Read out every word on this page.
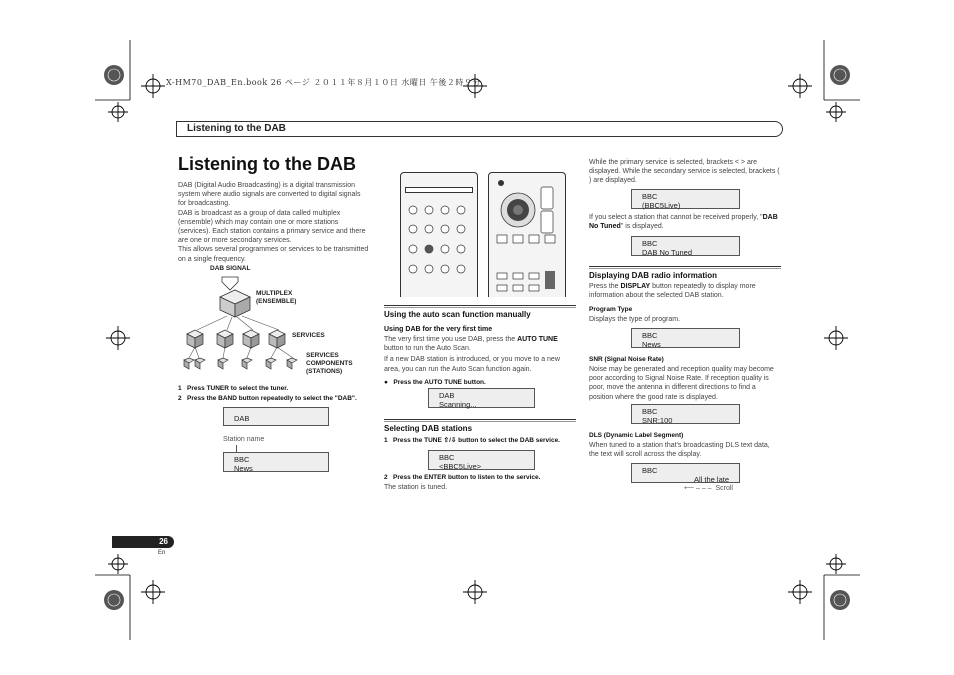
X-HM70_DAB_En.book 26 ページ ２０１１年８月１０日 水曜日 午後２時９分
Listening to the DAB
Listening to the DAB
DAB (Digital Audio Broadcasting) is a digital transmission system where audio signals are converted to digital signals for broadcasting.
DAB is broadcast as a group of data called multiplex (ensemble) which may contain one or more stations (services). Each station contains a primary service and there are one or more secondary services.
This allows several programmes or services to be transmitted on a single frequency.
DAB SIGNAL
MULTIPLEX
(ENSEMBLE)
SERVICES
SERVICES
COMPONENTS
(STATIONS)
1 Press TUNER to select the tuner.
2 Press the BAND button repeatedly to select the "DAB".
DAB
Station name
BBC
News
Using the auto scan function manually
Using DAB for the very first time
The very first time you use DAB, press the AUTO TUNE button to run the Auto Scan.
If a new DAB station is introduced, or you move to a new area, you can run the Auto Scan function again.
● Press the AUTO TUNE button.
DAB
Scanning...
Selecting DAB stations
1 Press the TUNE ⇧/⇩ button to select the DAB service.
BBC
<BBC5Live>
2 Press the ENTER button to listen to the service.
The station is tuned.
While the primary service is selected, brackets < > are displayed. While the secondary service is selected, brackets ( ) are displayed.
BBC
(BBC5Live)
If you select a station that cannot be received properly, "DAB No Tuned" is displayed.
BBC
DAB No Tuned
Displaying DAB radio information
Press the DISPLAY button repeatedly to display more information about the selected DAB station.
Program Type
Displays the type of program.
BBC
News
SNR (Signal Noise Rate)
Noise may be generated and reception quality may become poor according to Signal Noise Rate. If reception quality is poor, move the antenna in different directions to find a position where the good rate is displayed.
BBC
SNR:100
DLS (Dynamic Label Segment)
When tuned to a station that's broadcasting DLS text data, the text will scroll across the display.
BBC
All the late
⟵ – – – Scroll
26
En
